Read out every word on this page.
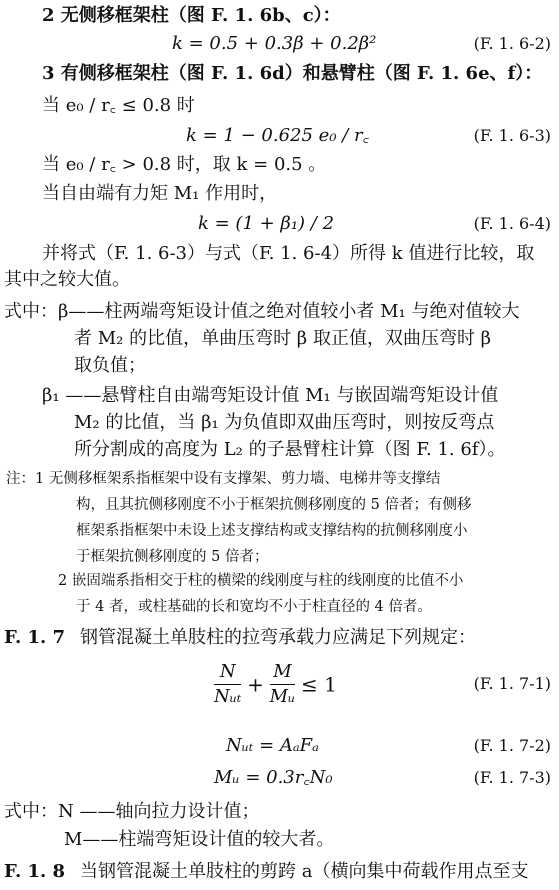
2 无侧移框架柱（图 F. 1. 6b、c）：
k = 0.5 + 0.3β + 0.2β²	(F. 1. 6-2)
3 有侧移框架柱（图 F. 1. 6d）和悬臂柱（图 F. 1. 6e、f）：
当 e₀ / r꜀ ≤ 0.8 时
k = 1 − 0.625 e₀ / r꜀	(F. 1. 6-3)
当 e₀ / r꜀ > 0.8 时，取 k = 0.5 。
当自由端有力矩 M₁ 作用时，
k = (1 + β₁) / 2	(F. 1. 6-4)
并将式（F. 1. 6-3）与式（F. 1. 6-4）所得 k 值进行比较，取
其中之较大值。
式中：β——柱两端弯矩设计值之绝对值较小者 M₁ 与绝对值较大
者 M₂ 的比值，单曲压弯时 β 取正值，双曲压弯时 β
取负值；
β₁ ——悬臂柱自由端弯矩设计值 M₁ 与嵌固端弯矩设计值
M₂ 的比值，当 β₁ 为负值即双曲压弯时，则按反弯点
所分割成的高度为 L₂ 的子悬臂柱计算（图 F. 1. 6f）。
注：1 无侧移框架系指框架中设有支撑架、剪力墙、电梯井等支撑结
构，且其抗侧移刚度不小于框架抗侧移刚度的 5 倍者；有侧移
框架系指框架中未设上述支撑结构或支撑结构的抗侧移刚度小
于框架抗侧移刚度的 5 倍者；
2 嵌固端系指相交于柱的横梁的线刚度与柱的线刚度的比值不小
于 4 者，或柱基础的长和宽均不小于柱直径的 4 倍者。
F. 1. 7 钢管混凝土单肢柱的拉弯承载力应满足下列规定：
$\frac{N}{\text{Nᵤₜ}} + \frac{M}{\text{Mᵤ}} \le 1$	(F. 1. 7-1)
Nᵤₜ = AₐFₐ	(F. 1. 7-2)
Mᵤ = 0.3r꜀N₀	(F. 1. 7-3)
式中：N ——轴向拉力设计值；
M——柱端弯矩设计值的较大者。
F. 1. 8 当钢管混凝土单肢柱的剪跨 a（横向集中荷载作用点至支
